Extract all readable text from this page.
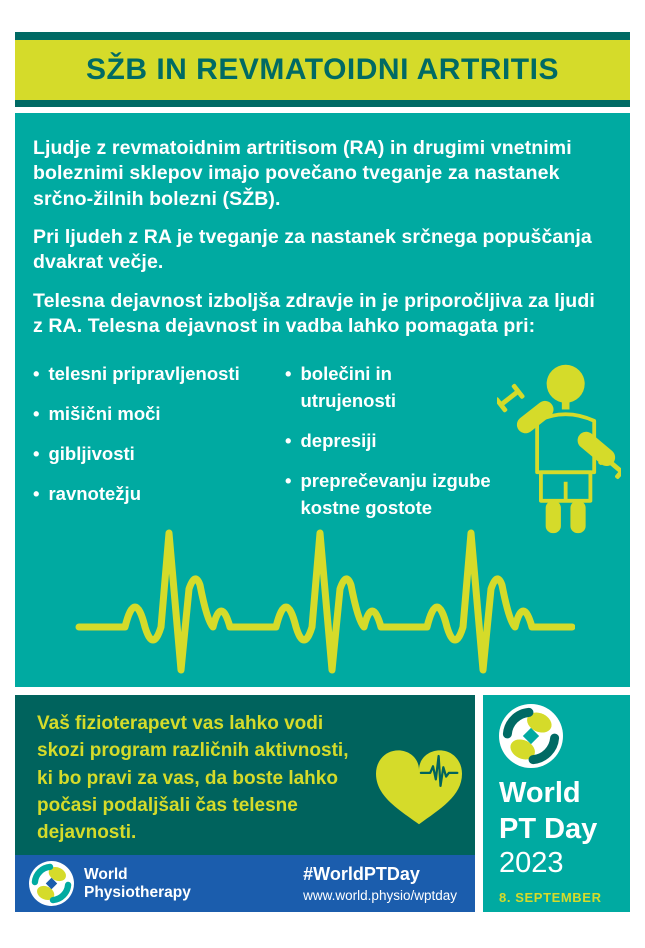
SŽB IN REVMATOIDNI ARTRITIS

Ljudje z revmatoidnim artritisom (RA) in drugimi vnetnimi boleznimi sklepov imajo povečano tveganje za nastanek srčno-žilnih bolezni (SŽB).

Pri ljudeh z RA je tveganje za nastanek srčnega popuščanja dvakrat večje.

Telesna dejavnost izboljša zdravje in je priporočljiva za ljudi z RA. Telesna dejavnost in vadba lahko pomagata pri:

• telesni pripravljenosti
• mišični moči
• gibljivosti
• ravnotežju
• bolečini in
utrujenosti
• depresiji
• preprečevanju izgube
kostne gostote
Vaš fizioterapevt vas lahko vodi skozi program različnih aktivnosti, ki bo pravi za vas, da boste lahko počasi podaljšali čas telesne dejavnosti.
World
Physiotherapy
#WorldPTDay
www.world.physio/wptday
World
PT Day
2023
8. SEPTEMBER
